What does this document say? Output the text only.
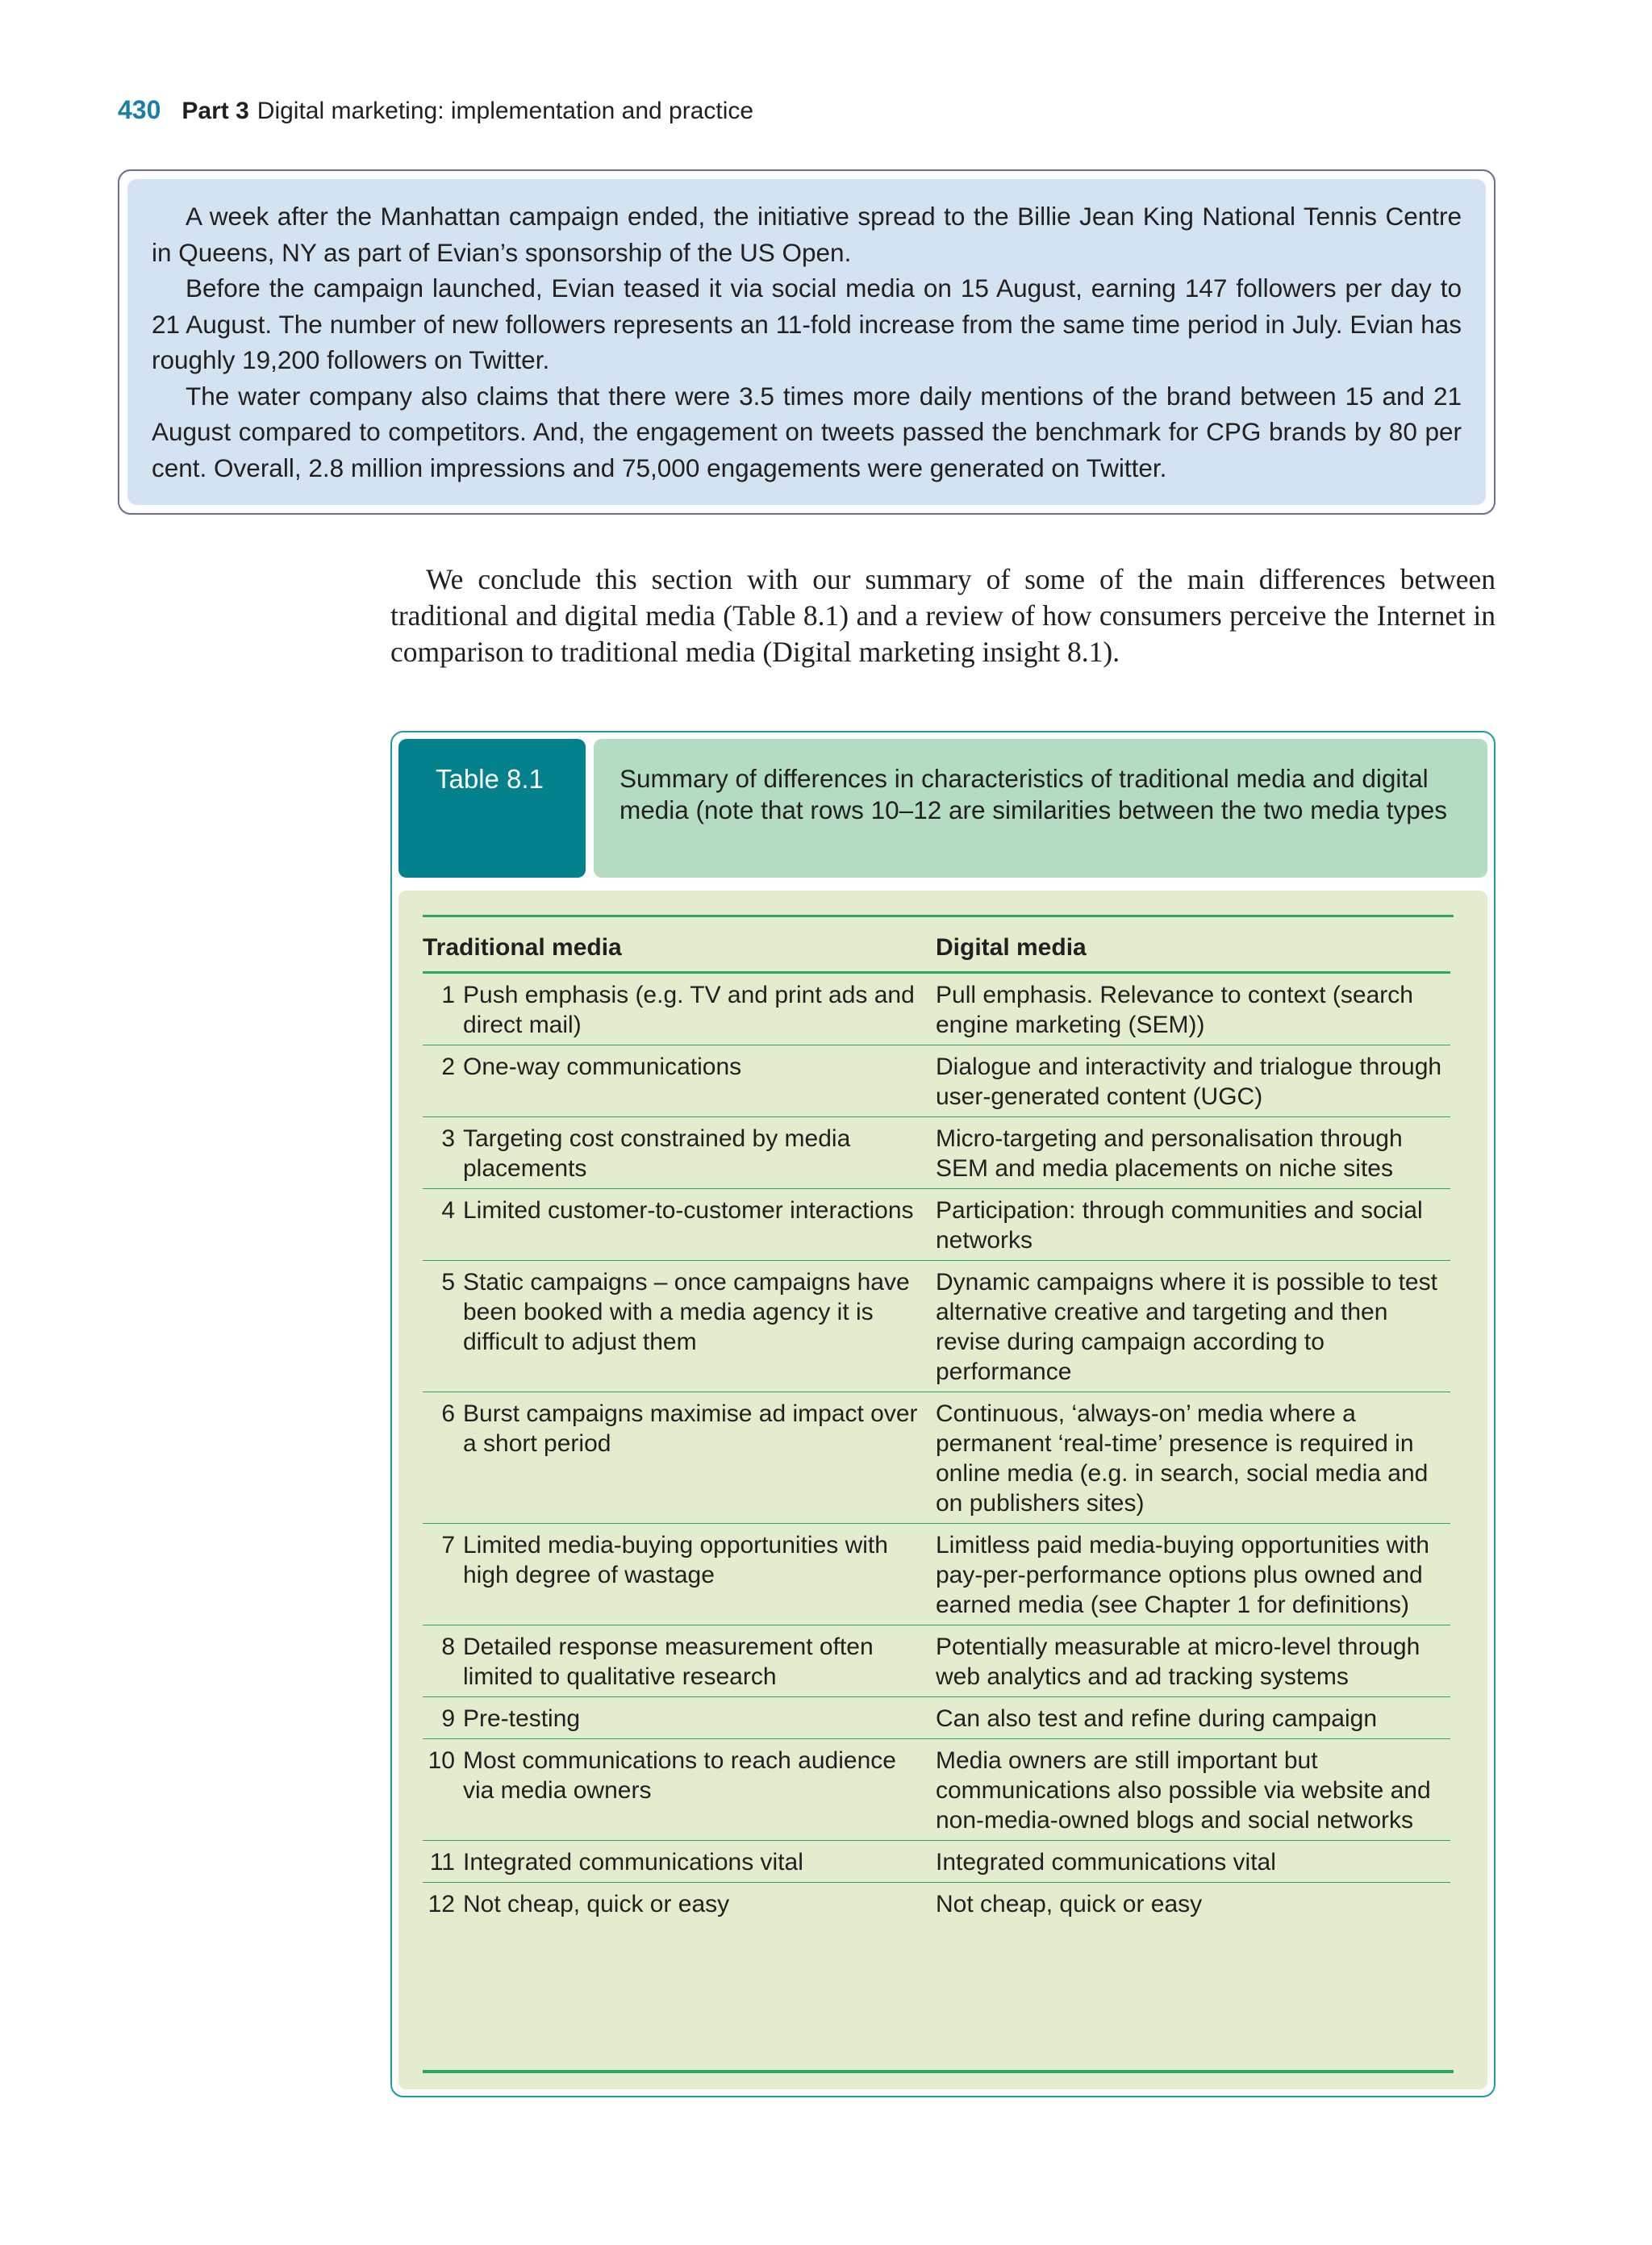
430 Part 3 Digital marketing: implementation and practice

A week after the Manhattan campaign ended, the initiative spread to the Billie Jean King National Tennis Centre in Queens, NY as part of Evian’s sponsorship of the US Open.

Before the campaign launched, Evian teased it via social media on 15 August, earning 147 followers per day to 21 August. The number of new followers represents an 11-fold increase from the same time period in July. Evian has roughly 19,200 followers on Twitter.

The water company also claims that there were 3.5 times more daily mentions of the brand between 15 and 21 August compared to competitors. And, the engagement on tweets passed the benchmark for CPG brands by 80 per cent. Overall, 2.8 million impressions and 75,000 engagements were generated on Twitter.

We conclude this section with our summary of some of the main differences between traditional and digital media (Table 8.1) and a review of how consumers perceive the Internet in comparison to traditional media (Digital marketing insight 8.1).

Table 8.1	Summary of differences in characteristics of traditional media and digital media (note that rows 10–12 are similarities between the two media types
Traditional media	Digital media

1 Push emphasis (e.g. TV and print ads and direct mail)	Pull emphasis. Relevance to context (search engine marketing (SEM))

2 One-way communications	Dialogue and interactivity and trialogue through user-generated content (UGC)

3 Targeting cost constrained by media placements	Micro-targeting and personalisation through SEM and media placements on niche sites

4 Limited customer-to-customer interactions	Participation: through communities and social networks

5 Static campaigns – once campaigns have been booked with a media agency it is difficult to adjust them	Dynamic campaigns where it is possible to test alternative creative and targeting and then revise during campaign according to performance

6 Burst campaigns maximise ad impact over a short period	Continuous, ‘always-on’ media where a permanent ‘real-time’ presence is required in online media (e.g. in search, social media and on publishers sites)

7 Limited media-buying opportunities with high degree of wastage	Limitless paid media-buying opportunities with pay-per-performance options plus owned and earned media (see Chapter 1 for definitions)

8 Detailed response measurement often limited to qualitative research	Potentially measurable at micro-level through web analytics and ad tracking systems

9 Pre-testing	Can also test and refine during campaign

10 Most communications to reach audience via media owners	Media owners are still important but communications also possible via website and non-media-owned blogs and social networks

11 Integrated communications vital	Integrated communications vital

12 Not cheap, quick or easy	Not cheap, quick or easy
